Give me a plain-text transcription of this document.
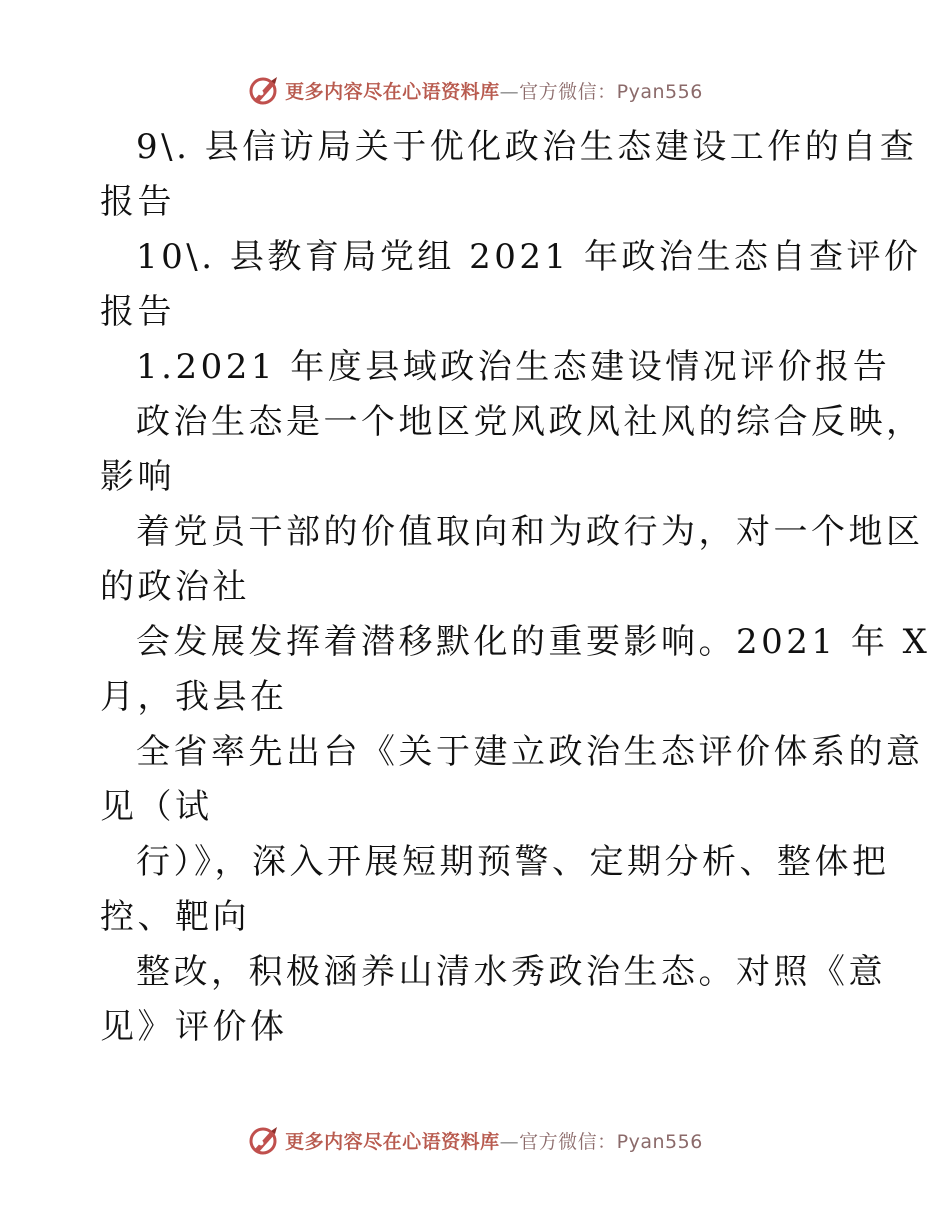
更多内容尽在心语资料库—官方微信：Pyan556
9\. 县信访局关于优化政治生态建设工作的自查
报告
10\. 县教育局党组 2021 年政治生态自查评价
报告
1.2021 年度县域政治生态建设情况评价报告
政治生态是一个地区党风政风社风的综合反映，
影响
着党员干部的价值取向和为政行为，对一个地区
的政治社
会发展发挥着潜移默化的重要影响。2021 年 X
月，我县在
全省率先出台《关于建立政治生态评价体系的意
见（试
行）》，深入开展短期预警、定期分析、整体把
控、靶向
整改，积极涵养山清水秀政治生态。对照《意
见》评价体
更多内容尽在心语资料库—官方微信：Pyan556
